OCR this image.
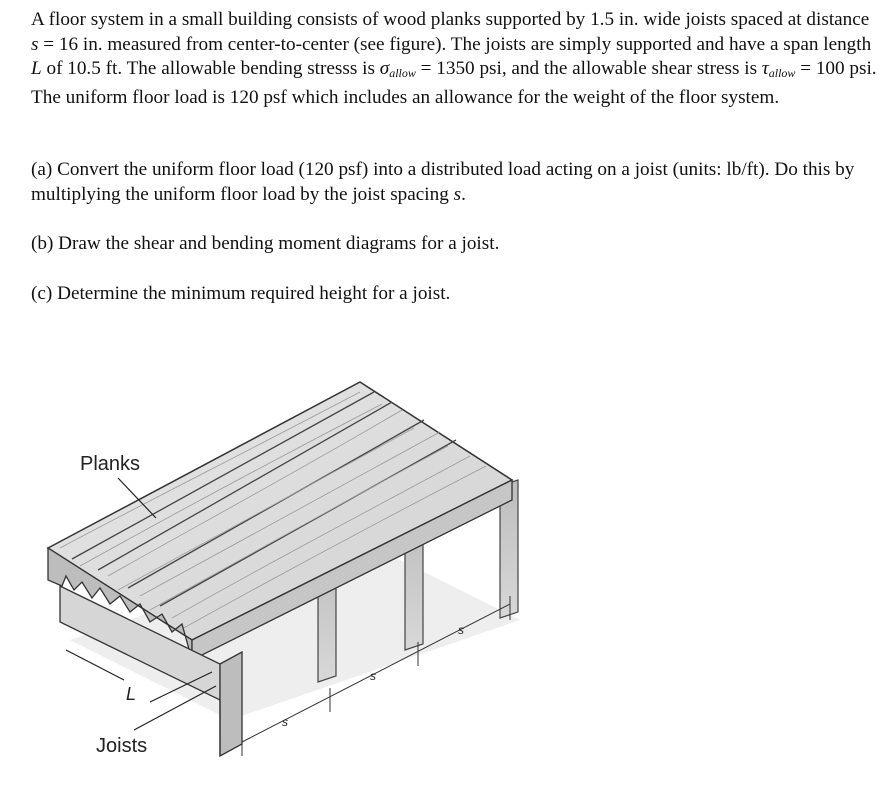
A floor system in a small building consists of wood planks supported by 1.5 in. wide joists spaced at distance s = 16 in. measured from center-to-center (see figure). The joists are simply supported and have a span length L of 10.5 ft. The allowable bending stresss is $\sigma_{allow} = 1350$ psi, and the allowable shear stress is $\tau_{allow} = 100$ psi. The uniform floor load is 120 psf which includes an allowance for the weight of the floor system.

(a) Convert the uniform floor load (120 psf) into a distributed load acting on a joist (units: lb/ft). Do this by multiplying the uniform floor load by the joist spacing s.

(b) Draw the shear and bending moment diagrams for a joist.

(c) Determine the minimum required height for a joist.

Planks
L
Joists
s
s
s
